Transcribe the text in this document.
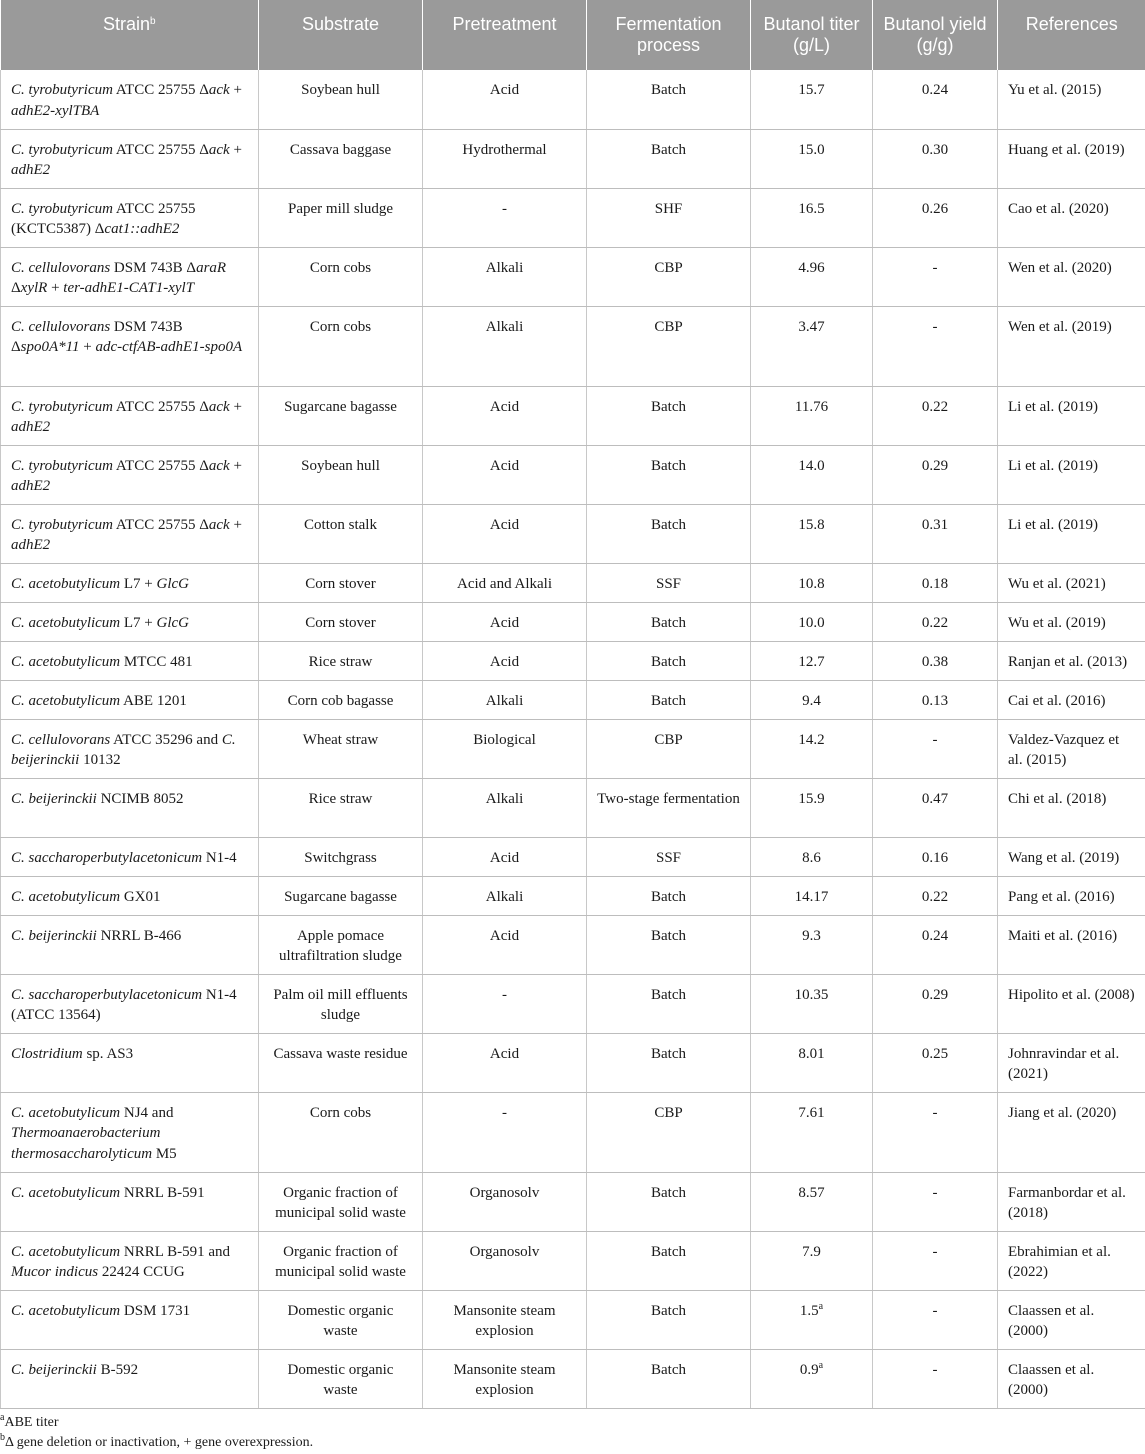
Strain$^b$	Substrate	Pretreatment	Fermentation process	Butanol titer (g/L)	Butanol yield (g/g)	References

C. tyrobutyricum ATCC 25755 Δack + adhE2-xylTBA	Soybean hull	Acid	Batch	15.7	0.24	Yu et al. (2015)
C. tyrobutyricum ATCC 25755 Δack + adhE2	Cassava baggase	Hydrothermal	Batch	15.0	0.30	Huang et al. (2019)
C. tyrobutyricum ATCC 25755 (KCTC5387) Δcat1::adhE2	Paper mill sludge	-	SHF	16.5	0.26	Cao et al. (2020)
C. cellulovorans DSM 743B ΔaraR ΔxylR + ter-adhE1-CAT1-xylT	Corn cobs	Alkali	CBP	4.96	-	Wen et al. (2020)
C. cellulovorans DSM 743B Δspo0A*11 + adc-ctfAB-adhE1-spo0A	Corn cobs	Alkali	CBP	3.47	-	Wen et al. (2019)
C. tyrobutyricum ATCC 25755 Δack + adhE2	Sugarcane bagasse	Acid	Batch	11.76	0.22	Li et al. (2019)
C. tyrobutyricum ATCC 25755 Δack + adhE2	Soybean hull	Acid	Batch	14.0	0.29	Li et al. (2019)
C. tyrobutyricum ATCC 25755 Δack + adhE2	Cotton stalk	Acid	Batch	15.8	0.31	Li et al. (2019)
C. acetobutylicum L7 + GlcG	Corn stover	Acid and Alkali	SSF	10.8	0.18	Wu et al. (2021)
C. acetobutylicum L7 + GlcG	Corn stover	Acid	Batch	10.0	0.22	Wu et al. (2019)
C. acetobutylicum MTCC 481	Rice straw	Acid	Batch	12.7	0.38	Ranjan et al. (2013)
C. acetobutylicum ABE 1201	Corn cob bagasse	Alkali	Batch	9.4	0.13	Cai et al. (2016)
C. cellulovorans ATCC 35296 and C. beijerinckii 10132	Wheat straw	Biological	CBP	14.2	-	Valdez-Vazquez et al. (2015)
C. beijerinckii NCIMB 8052	Rice straw	Alkali	Two-stage fermentation	15.9	0.47	Chi et al. (2018)
C. saccharoperbutylacetonicum N1-4	Switchgrass	Acid	SSF	8.6	0.16	Wang et al. (2019)
C. acetobutylicum GX01	Sugarcane bagasse	Alkali	Batch	14.17	0.22	Pang et al. (2016)
C. beijerinckii NRRL B-466	Apple pomace ultrafiltration sludge	Acid	Batch	9.3	0.24	Maiti et al. (2016)
C. saccharoperbutylacetonicum N1-4 (ATCC 13564)	Palm oil mill effluents sludge	-	Batch	10.35	0.29	Hipolito et al. (2008)
Clostridium sp. AS3	Cassava waste residue	Acid	Batch	8.01	0.25	Johnravindar et al. (2021)
C. acetobutylicum NJ4 and Thermoanaerobacterium thermosaccharolyticum M5	Corn cobs	-	CBP	7.61	-	Jiang et al. (2020)
C. acetobutylicum NRRL B-591	Organic fraction of municipal solid waste	Organosolv	Batch	8.57	-	Farmanbordar et al. (2018)
C. acetobutylicum NRRL B-591 and Mucor indicus 22424 CCUG	Organic fraction of municipal solid waste	Organosolv	Batch	7.9	-	Ebrahimian et al. (2022)
C. acetobutylicum DSM 1731	Domestic organic waste	Mansonite steam explosion	Batch	1.5$^a$	-	Claassen et al. (2000)
C. beijerinckii B-592	Domestic organic waste	Mansonite steam explosion	Batch	0.9$^a$	-	Claassen et al. (2000)
$^a$ABE titer
$^b$Δ gene deletion or inactivation, + gene overexpression.
